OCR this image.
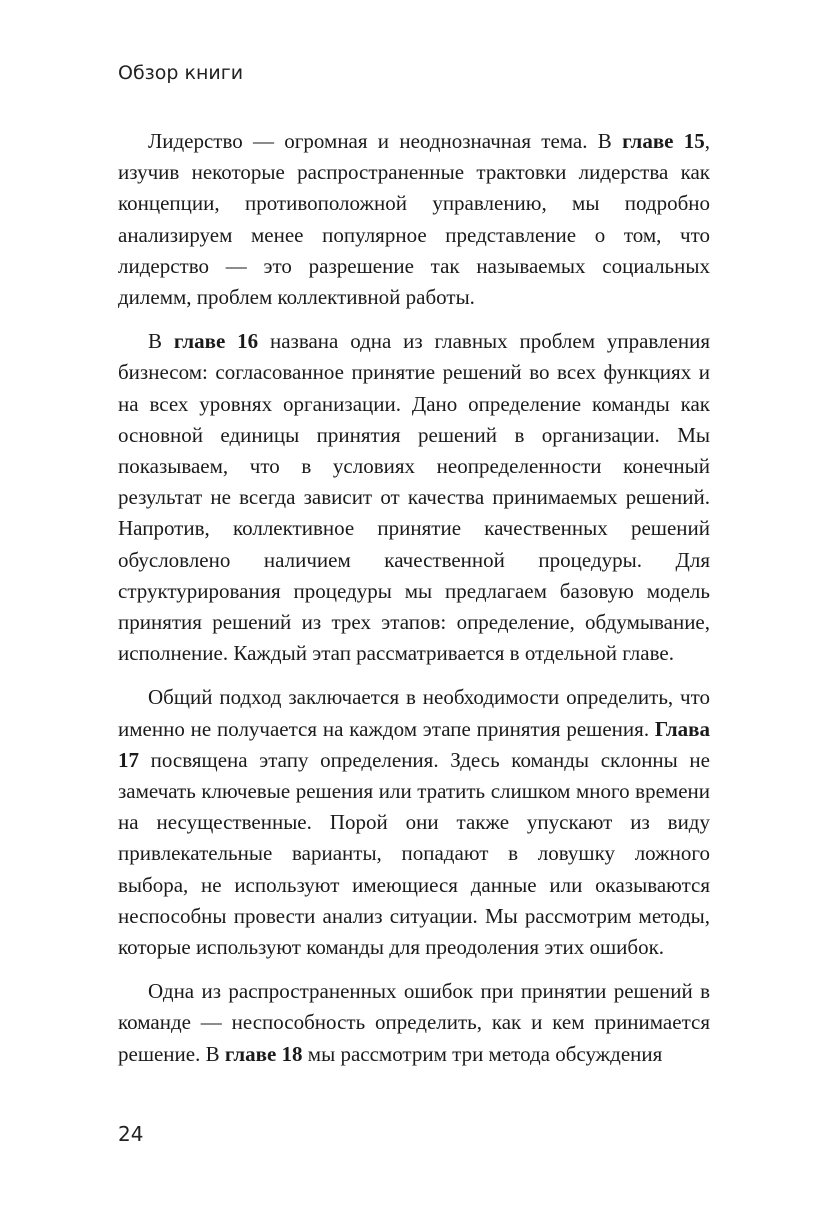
Обзор книги

Лидерство — огромная и неоднозначная тема. В главе 15, изучив некоторые распространенные трактовки лидерства как концепции, противоположной управлению, мы подробно анализируем менее популярное представление о том, что лидерство — это разрешение так называемых социальных дилемм, проблем коллективной работы.

В главе 16 названа одна из главных проблем управления бизнесом: согласованное принятие решений во всех функциях и на всех уровнях организации. Дано определение команды как основной единицы принятия решений в организации. Мы показываем, что в условиях неопределенности конечный результат не всегда зависит от качества принимаемых решений. Напротив, коллективное принятие качественных решений обусловлено наличием качественной процедуры. Для структурирования процедуры мы предлагаем базовую модель принятия решений из трех этапов: определение, обдумывание, исполнение. Каждый этап рассматривается в отдельной главе.

Общий подход заключается в необходимости определить, что именно не получается на каждом этапе принятия решения. Глава 17 посвящена этапу определения. Здесь команды склонны не замечать ключевые решения или тратить слишком много времени на несущественные. Порой они также упускают из виду привлекательные варианты, попадают в ловушку ложного выбора, не используют имеющиеся данные или оказываются неспособны провести анализ ситуации. Мы рассмотрим методы, которые используют команды для преодоления этих ошибок.

Одна из распространенных ошибок при принятии решений в команде — неспособность определить, как и кем принимается решение. В главе 18 мы рассмотрим три метода обсуждения

24
